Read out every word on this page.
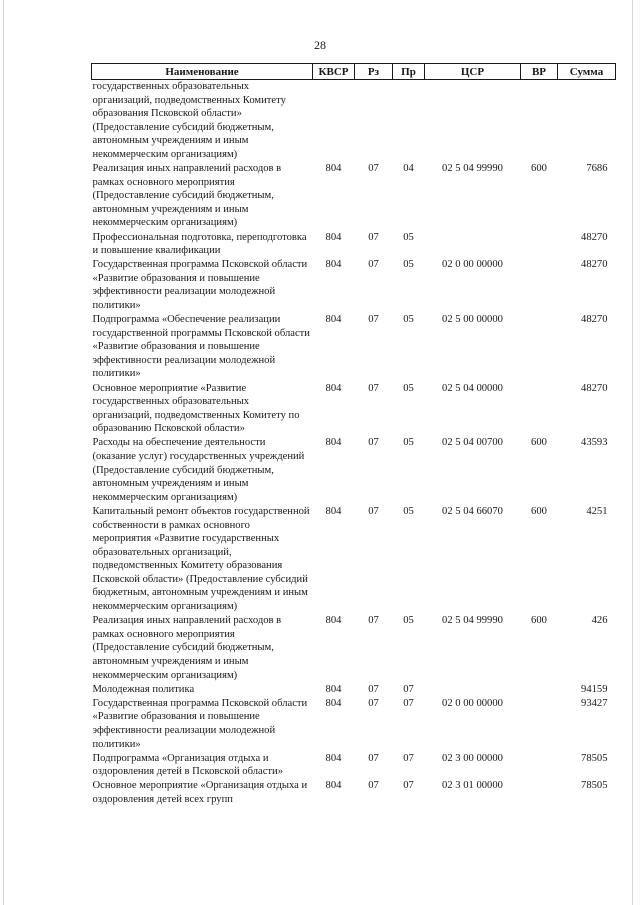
28
Наименование	КВСР	Рз	Пр	ЦСР	ВР	Сумма
государственных образовательных организаций, подведомственных Комитету образования Псковской области» (Предоставление субсидий бюджетным, автономным учреждениям и иным некоммерческим организациям)						
Реализация иных направлений расходов в рамках основного мероприятия (Предоставление субсидий бюджетным, автономным учреждениям и иным некоммерческим организациям)	804	07	04	02 5 04 99990	600	7686
Профессиональная подготовка, переподготовка и повышение квалификации	804	07	05			48270
Государственная программа Псковской области «Развитие образования и повышение эффективности реализации молодежной политики»	804	07	05	02 0 00 00000		48270
Подпрограмма «Обеспечение реализации государственной программы Псковской области «Развитие образования и повышение эффективности реализации молодежной политики»	804	07	05	02 5 00 00000		48270
Основное мероприятие «Развитие государственных образовательных организаций, подведомственных Комитету по образованию Псковской области»	804	07	05	02 5 04 00000		48270
Расходы на обеспечение деятельности (оказание услуг) государственных учреждений (Предоставление субсидий бюджетным, автономным учреждениям и иным некоммерческим организациям)	804	07	05	02 5 04 00700	600	43593
Капитальный ремонт объектов государственной собственности в рамках основного мероприятия «Развитие государственных образовательных организаций, подведомственных Комитету образования Псковской области» (Предоставление субсидий бюджетным, автономным учреждениям и иным некоммерческим организациям)	804	07	05	02 5 04 66070	600	4251
Реализация иных направлений расходов в рамках основного мероприятия (Предоставление субсидий бюджетным, автономным учреждениям и иным некоммерческим организациям)	804	07	05	02 5 04 99990	600	426
Молодежная политика	804	07	07			94159
Государственная программа Псковской области «Развитие образования и повышение эффективности реализации молодежной политики»	804	07	07	02 0 00 00000		93427
Подпрограмма «Организация отдыха и оздоровления детей в Псковской области»	804	07	07	02 3 00 00000		78505
Основное мероприятие «Организация отдыха и оздоровления детей всех групп	804	07	07	02 3 01 00000		78505
